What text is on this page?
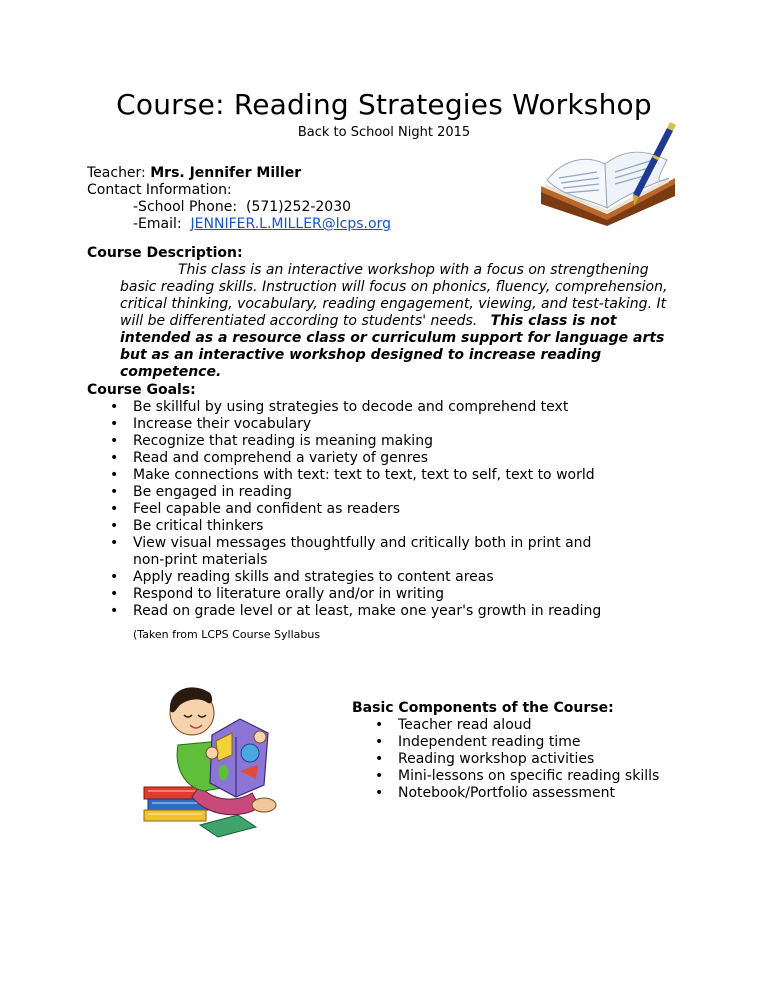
Course: Reading Strategies Workshop
Back to School Night 2015
Teacher: Mrs. Jennifer Miller
Contact Information:
-School Phone: (571)252-2030
-Email: JENNIFER.L.MILLER@lcps.org
Course Description:
This class is an interactive workshop with a focus on strengthening basic reading skills. Instruction will focus on phonics, fluency, comprehension, critical thinking, vocabulary, reading engagement, viewing, and test-taking. It will be differentiated according to students' needs. This class is not intended as a resource class or curriculum support for language arts but as an interactive workshop designed to increase reading competence.
Course Goals:
• Be skillful by using strategies to decode and comprehend text
• Increase their vocabulary
• Recognize that reading is meaning making
• Read and comprehend a variety of genres
• Make connections with text: text to text, text to self, text to world
• Be engaged in reading
• Feel capable and confident as readers
• Be critical thinkers
• View visual messages thoughtfully and critically both in print and non-print materials
• Apply reading skills and strategies to content areas
• Respond to literature orally and/or in writing
• Read on grade level or at least, make one year's growth in reading
(Taken from LCPS Course Syllabus
Basic Components of the Course:
• Teacher read aloud
• Independent reading time
• Reading workshop activities
• Mini-lessons on specific reading skills
• Notebook/Portfolio assessment
